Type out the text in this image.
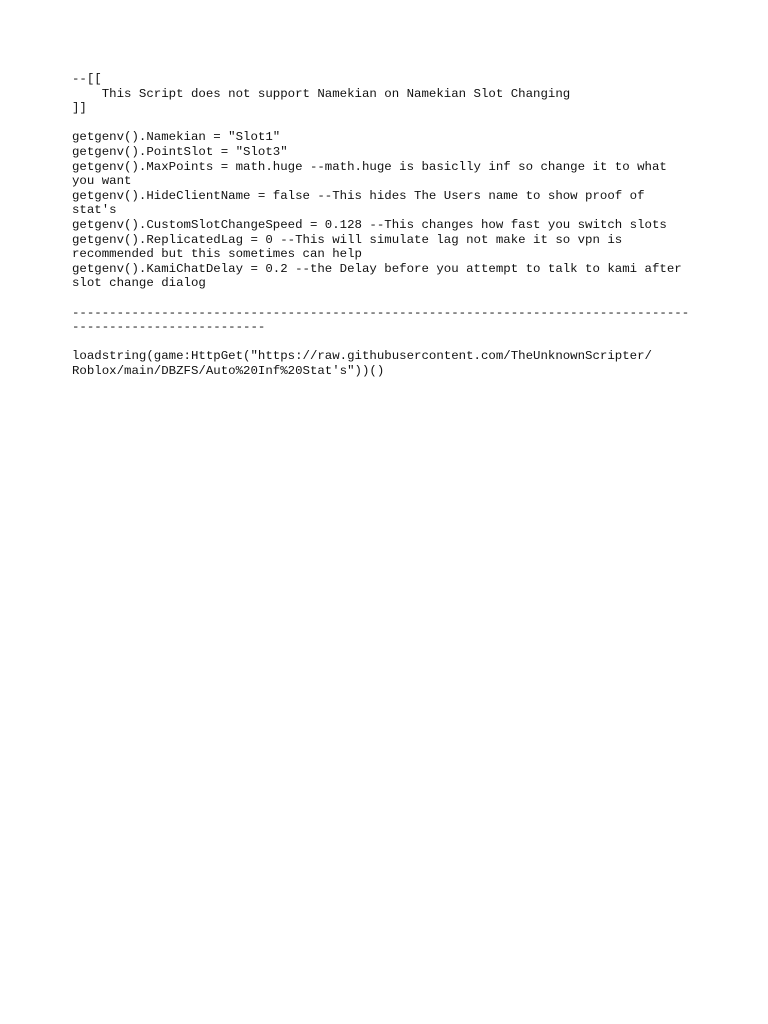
--[[
This Script does not support Namekian on Namekian Slot Changing
]]
getgenv().Namekian = "Slot1"
getgenv().PointSlot = "Slot3"
getgenv().MaxPoints = math.huge --math.huge is basiclly inf so change it to what
you want
getgenv().HideClientName = false --This hides The Users name to show proof of
stat's
getgenv().CustomSlotChangeSpeed = 0.128 --This changes how fast you switch slots
getgenv().ReplicatedLag = 0 --This will simulate lag not make it so vpn is
recommended but this sometimes can help
getgenv().KamiChatDelay = 0.2 --the Delay before you attempt to talk to kami after
slot change dialog
-----------------------------------------------------------------------------------
--------------------------
loadstring(game:HttpGet("https://raw.githubusercontent.com/TheUnknownScripter/
Roblox/main/DBZFS/Auto%20Inf%20Stat's"))()
